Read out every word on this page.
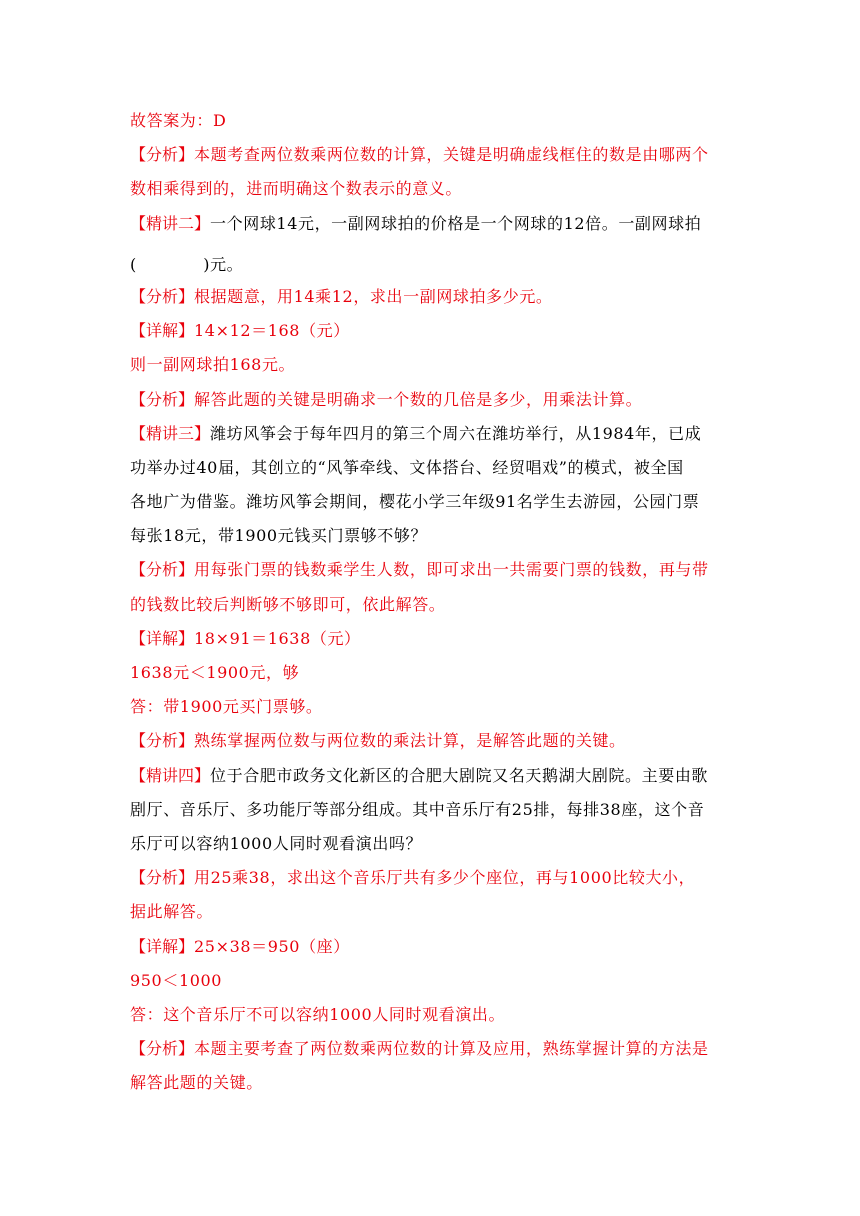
故答案为：D
【分析】本题考查两位数乘两位数的计算，关键是明确虚线框住的数是由哪两个
数相乘得到的，进而明确这个数表示的意义。
【精讲二】一个网球14元，一副网球拍的价格是一个网球的12倍。一副网球拍
(　　　　)元。
【分析】根据题意，用14乘12，求出一副网球拍多少元。
【详解】14×12＝168（元）
则一副网球拍168元。
【分析】解答此题的关键是明确求一个数的几倍是多少，用乘法计算。
【精讲三】潍坊风筝会于每年四月的第三个周六在潍坊举行，从1984年，已成
功举办过40届，其创立的“风筝牵线、文体搭台、经贸唱戏”的模式，被全国
各地广为借鉴。潍坊风筝会期间，樱花小学三年级91名学生去游园，公园门票
每张18元，带1900元钱买门票够不够？
【分析】用每张门票的钱数乘学生人数，即可求出一共需要门票的钱数，再与带
的钱数比较后判断够不够即可，依此解答。
【详解】18×91＝1638（元）
1638元＜1900元，够
答：带1900元买门票够。
【分析】熟练掌握两位数与两位数的乘法计算，是解答此题的关键。
【精讲四】位于合肥市政务文化新区的合肥大剧院又名天鹅湖大剧院。主要由歌
剧厅、音乐厅、多功能厅等部分组成。其中音乐厅有25排，每排38座，这个音
乐厅可以容纳1000人同时观看演出吗？
【分析】用25乘38，求出这个音乐厅共有多少个座位，再与1000比较大小，
据此解答。
【详解】25×38＝950（座）
950＜1000
答：这个音乐厅不可以容纳1000人同时观看演出。
【分析】本题主要考查了两位数乘两位数的计算及应用，熟练掌握计算的方法是
解答此题的关键。
